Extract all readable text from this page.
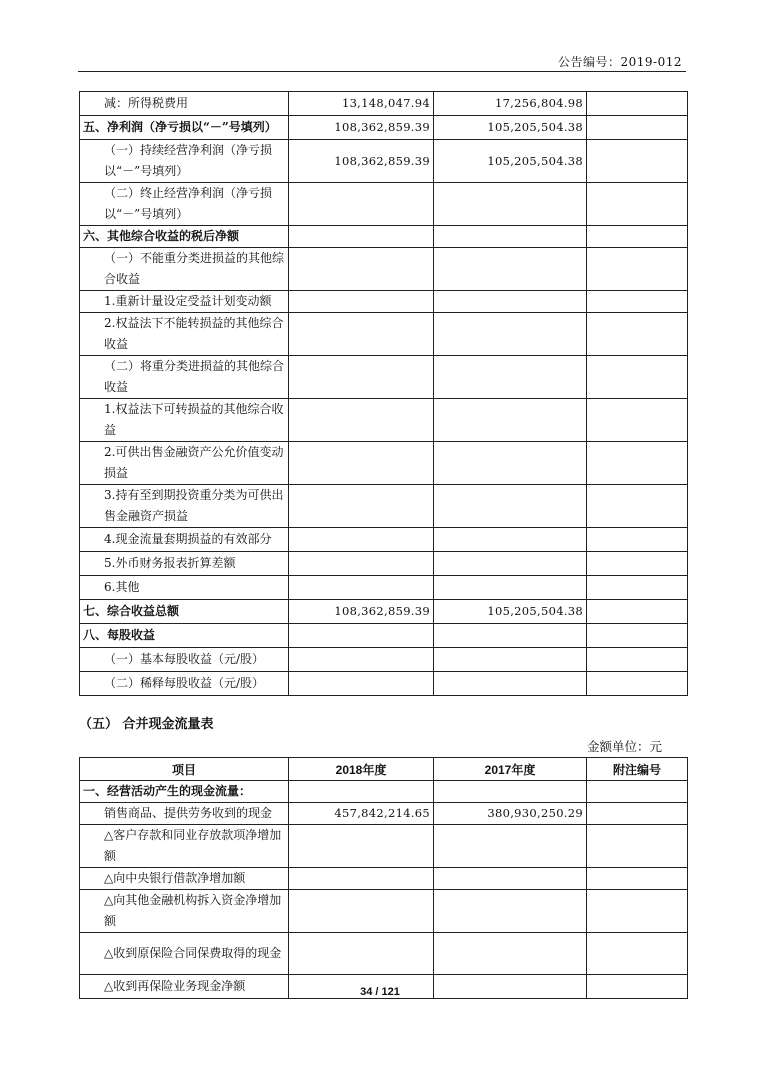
公告编号：2019-012
减：所得税费用	13,148,047.94	17,256,804.98	
五、净利润（净亏损以“－”号填列）	108,362,859.39	105,205,504.38	
（一）持续经营净利润（净亏损以“－”号填列）	108,362,859.39	105,205,504.38	
（二）终止经营净利润（净亏损以“－”号填列）			
六、其他综合收益的税后净额			
（一）不能重分类进损益的其他综合收益			
1.重新计量设定受益计划变动额			
2.权益法下不能转损益的其他综合收益			
（二）将重分类进损益的其他综合收益			
1.权益法下可转损益的其他综合收益			
2.可供出售金融资产公允价值变动损益			
3.持有至到期投资重分类为可供出售金融资产损益			
4.现金流量套期损益的有效部分			
5.外币财务报表折算差额			
6.其他			
七、综合收益总额	108,362,859.39	105,205,504.38	
八、每股收益			
（一）基本每股收益（元/股）			
（二）稀释每股收益（元/股）			
（五） 合并现金流量表
金额单位：元
项目	2018年度	2017年度	附注编号
一、经营活动产生的现金流量：			
销售商品、提供劳务收到的现金	457,842,214.65	380,930,250.29	
△客户存款和同业存放款项净增加额			
△向中央银行借款净增加额			
△向其他金融机构拆入资金净增加额			
△收到原保险合同保费取得的现金			
△收到再保险业务现金净额				34 / 121
